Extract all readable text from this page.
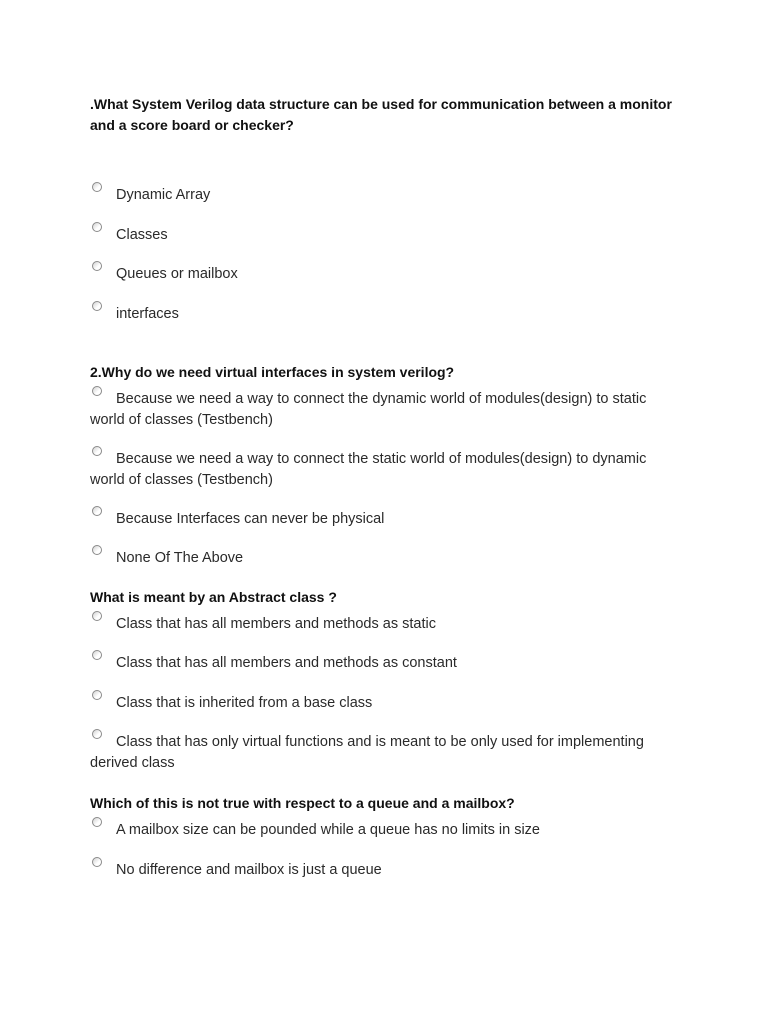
.What System Verilog data structure can be used for communication between a monitor and a score board or checker?

Dynamic Array
Classes
Queues or mailbox
interfaces

2.Why do we need virtual interfaces in system verilog?

Because we need a way to connect the dynamic world of modules(design) to static world of classes (Testbench)
Because we need a way to connect the static world of modules(design) to dynamic world of classes (Testbench)
Because Interfaces can never be physical
None Of The Above

What is meant by an Abstract class ?

Class that has all members and methods as static
Class that has all members and methods as constant
Class that is inherited from a base class
Class that has only virtual functions and is meant to be only used for implementing derived class

Which of this is not true with respect to a queue and a mailbox?

A mailbox size can be pounded while a queue has no limits in size
No difference and mailbox is just a queue
